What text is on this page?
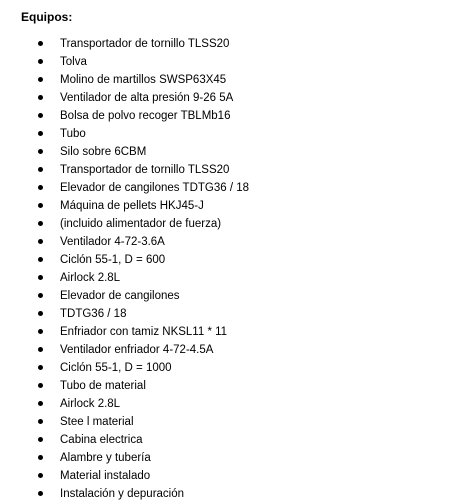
Equipos:
Transportador de tornillo TLSS20
Tolva
Molino de martillos SWSP63X45
Ventilador de alta presión 9-26 5A
Bolsa de polvo recoger TBLMb16
Tubo
Silo sobre 6CBM
Transportador de tornillo TLSS20
Elevador de cangilones TDTG36 / 18
Máquina de pellets HKJ45-J
(incluido alimentador de fuerza)
Ventilador 4-72-3.6A
Ciclón 55-1, D = 600
Airlock 2.8L
Elevador de cangilones
TDTG36 / 18
Enfriador con tamiz NKSL11 * 11
Ventilador enfriador 4-72-4.5A
Ciclón 55-1, D = 1000
Tubo de material
Airlock 2.8L
Stee l material
Cabina electrica
Alambre y tubería
Material instalado
Instalación y depuración
